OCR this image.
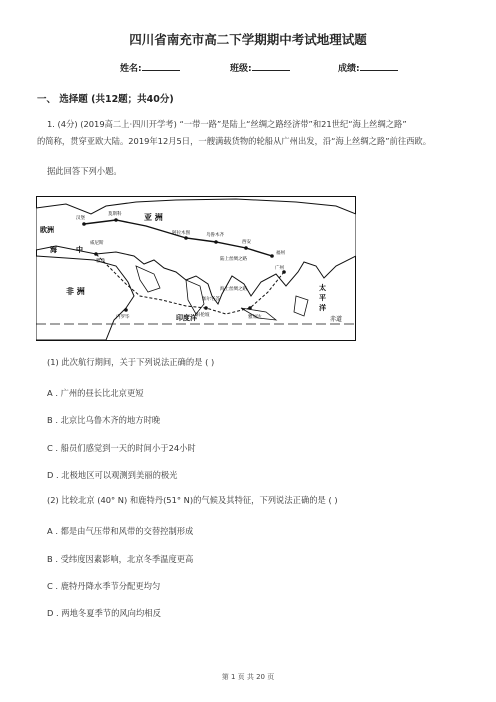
四川省南充市高二下学期期中考试地理试题
姓名:	班级:	成绩:
一、 选择题 (共12题；共40分)
1. (4分) (2019高二上·四川开学考) “一带一路”是陆上“丝绸之路经济带”和21世纪“海上丝绸之路”
的简称，贯穿亚欧大陆。2019年12月5日，一艘满载货物的轮船从广州出发，沿“海上丝绸之路”前往西欧。
据此回答下列小题。
亚 洲
欧洲
非 洲
中
海
印度洋
太
平
洋
赤道
汉堡
莫斯科
阿拉木图	乌鲁木齐
西安
广州
福州
雅典
威尼斯
加尔各答
科伦坡	雅加达
内罗毕
陆上丝绸之路
海上丝绸之路
(1) 此次航行期间，关于下列说法正确的是 ( )
A . 广州的昼长比北京更短
B . 北京比乌鲁木齐的地方时晚
C . 船员们感觉到一天的时间小于24小时
D . 北极地区可以观测到美丽的极光
(2) 比较北京 (40° N) 和鹿特丹(51° N)的气候及其特征，下列说法正确的是 ( )
A . 都是由气压带和风带的交替控制形成
B . 受纬度因素影响，北京冬季温度更高
C . 鹿特丹降水季节分配更均匀
D . 两地冬夏季节的风向均相反
第 1 页 共 20 页
